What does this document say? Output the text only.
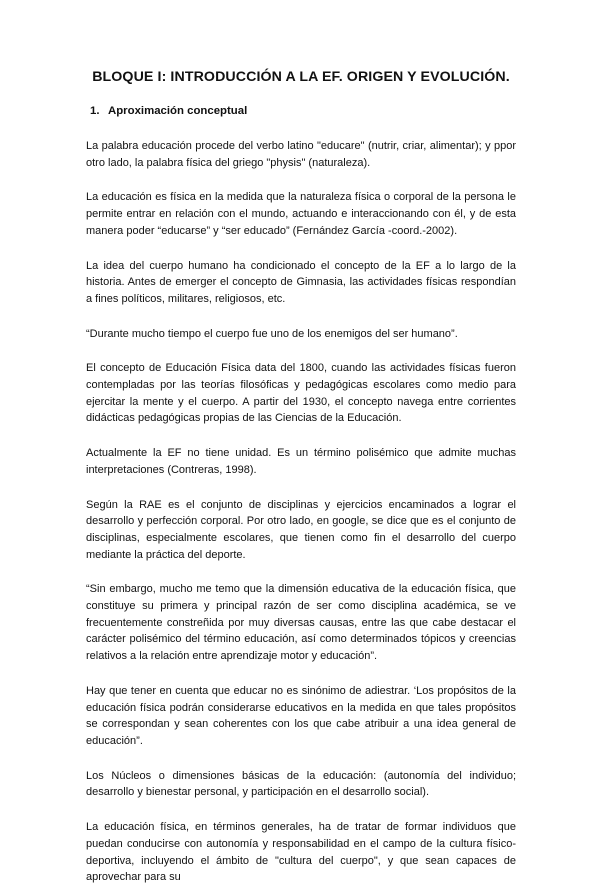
BLOQUE I: INTRODUCCIÓN A LA EF. ORIGEN Y EVOLUCIÓN.
1. Aproximación conceptual

La palabra educación procede del verbo latino "educare" (nutrir, criar, alimentar); y ppor otro lado, la palabra física del griego "physis" (naturaleza).

La educación es física en la medida que la naturaleza física o corporal de la persona le permite entrar en relación con el mundo, actuando e interaccionando con él, y de esta manera poder “educarse” y “ser educado” (Fernández García -coord.-2002).

La idea del cuerpo humano ha condicionado el concepto de la EF a lo largo de la historia. Antes de emerger el concepto de Gimnasia, las actividades físicas respondían a fines políticos, militares, religiosos, etc.

“Durante mucho tiempo el cuerpo fue uno de los enemigos del ser humano”.

El concepto de Educación Física data del 1800, cuando las actividades físicas fueron contempladas por las teorías filosóficas y pedagógicas escolares como medio para ejercitar la mente y el cuerpo. A partir del 1930, el concepto navega entre corrientes didácticas pedagógicas propias de las Ciencias de la Educación.

Actualmente la EF no tiene unidad. Es un término polisémico que admite muchas interpretaciones (Contreras, 1998).

Según la RAE es el conjunto de disciplinas y ejercicios encaminados a lograr el desarrollo y perfección corporal. Por otro lado, en google, se dice que es el conjunto de disciplinas, especialmente escolares, que tienen como fin el desarrollo del cuerpo mediante la práctica del deporte.

“Sin embargo, mucho me temo que la dimensión educativa de la educación física, que constituye su primera y principal razón de ser como disciplina académica, se ve frecuentemente constreñida por muy diversas causas, entre las que cabe destacar el carácter polisémico del término educación, así como determinados tópicos y creencias relativos a la relación entre aprendizaje motor y educación”.

Hay que tener en cuenta que educar no es sinónimo de adiestrar. ‘Los propósitos de la educación física podrán considerarse educativos en la medida en que tales propósitos se correspondan y sean coherentes con los que cabe atribuir a una idea general de educación”.

Los Núcleos o dimensiones básicas de la educación: (autonomía del individuo; desarrollo y bienestar personal, y participación en el desarrollo social).

La educación física, en términos generales, ha de tratar de formar individuos que puedan conducirse con autonomía y responsabilidad en el campo de la cultura físico-deportiva, incluyendo el ámbito de "cultura del cuerpo", y que sean capaces de aprovechar para su
